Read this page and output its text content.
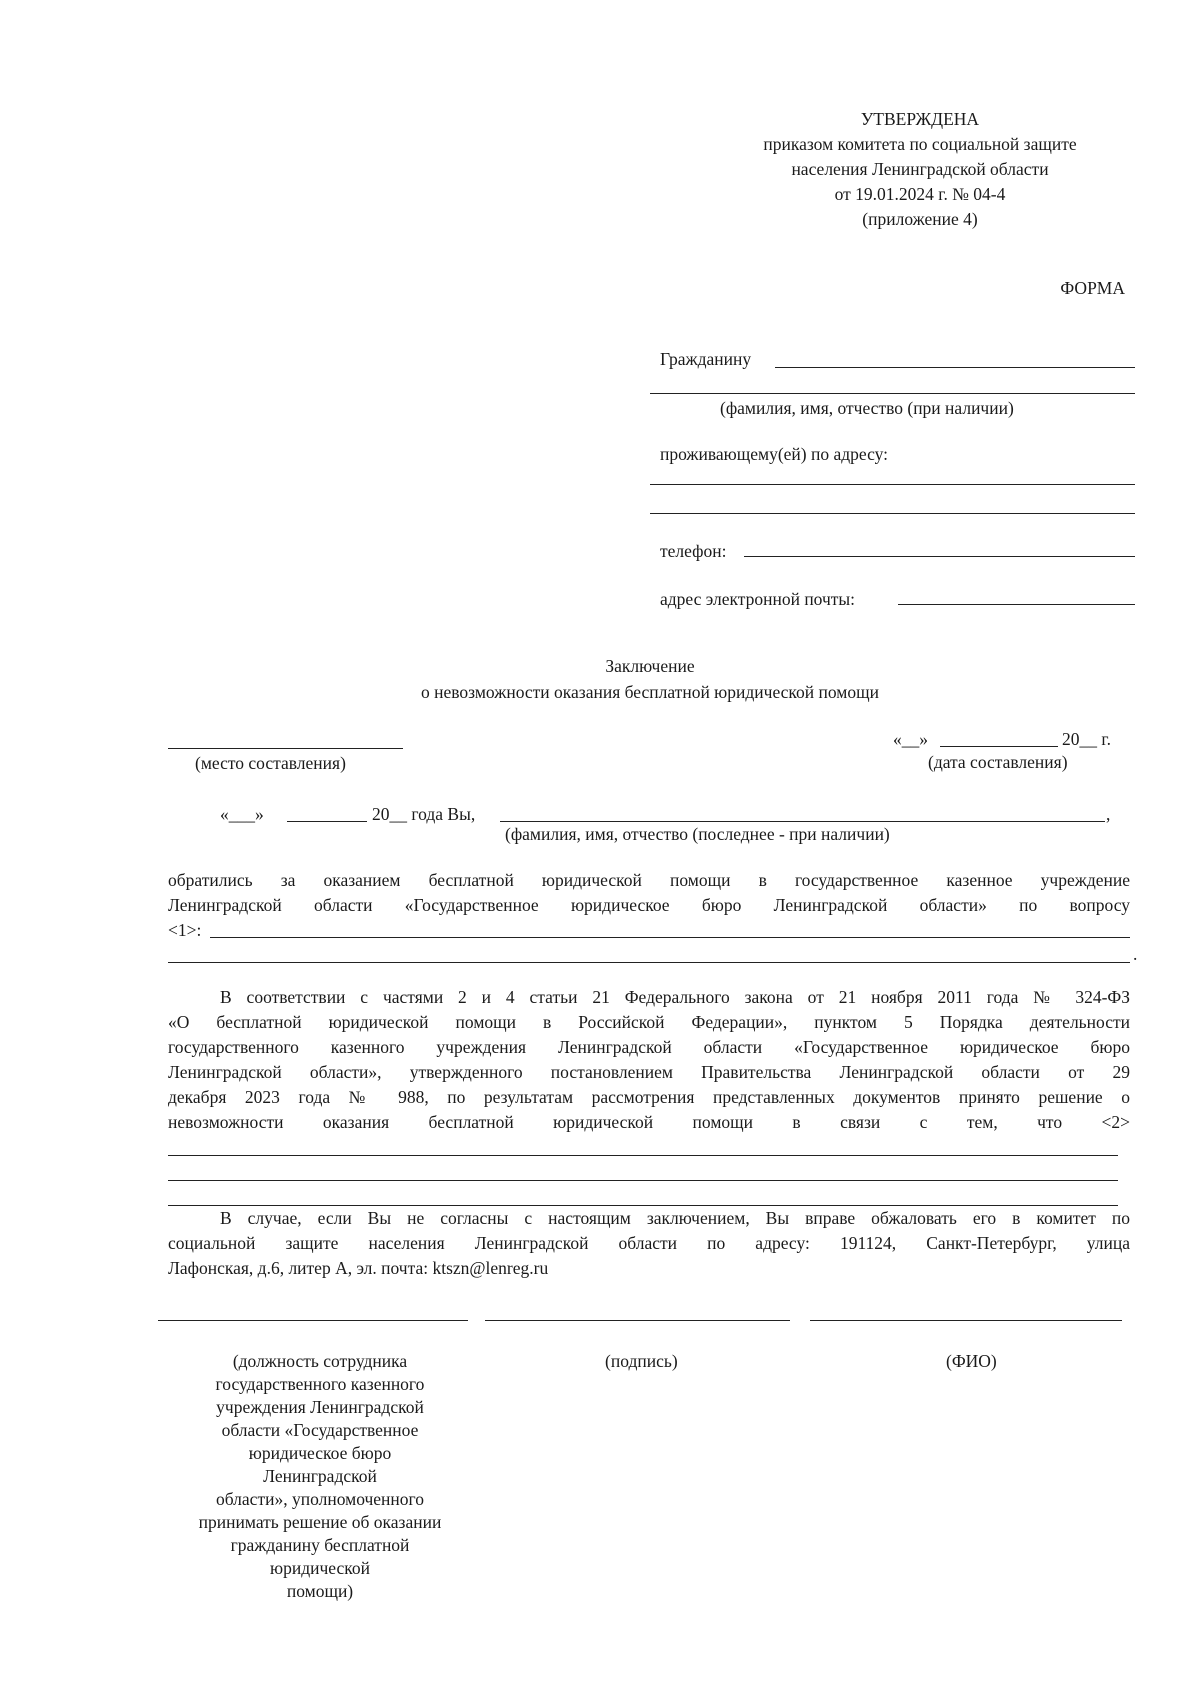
УТВЕРЖДЕНА
приказом комитета по социальной защите
населения Ленинградской области
от 19.01.2024 г. № 04-4
(приложение 4)
ФОРМА
Гражданину
(фамилия, имя, отчество (при наличии)
проживающему(ей) по адресу:
телефон:
адрес электронной почты:
Заключение
о невозможности оказания бесплатной юридической помощи
(место составления)
«__»	20__ г.
(дата составления)
«___»	20__ года Вы,	,
(фамилия, имя, отчество (последнее - при наличии)
обратились за оказанием бесплатной юридической помощи в государственное казенное учреждение
Ленинградской области «Государственное юридическое бюро Ленинградской области» по вопросу
<1>:
.
В соответствии с частями 2 и 4 статьи 21 Федерального закона от 21 ноября 2011 года № 324-ФЗ
«О бесплатной юридической помощи в Российской Федерации», пунктом 5 Порядка деятельности
государственного казенного учреждения Ленинградской области «Государственное юридическое бюро
Ленинградской области», утвержденного постановлением Правительства Ленинградской области от 29
декабря 2023 года № 988, по результатам рассмотрения представленных документов принято решение о
невозможности оказания бесплатной юридической помощи в связи с тем, что <2>
В случае, если Вы не согласны с настоящим заключением, Вы вправе обжаловать его в комитет по
социальной защите населения Ленинградской области по адресу: 191124, Санкт-Петербург, улица
Лафонская, д.6, литер А, эл. почта: ktszn@lenreg.ru
(должность сотрудника
государственного казенного
учреждения Ленинградской
области «Государственное
юридическое бюро
Ленинградской
области», уполномоченного
принимать решение об оказании
гражданину бесплатной
юридической
помощи)
(подпись)	(ФИО)
